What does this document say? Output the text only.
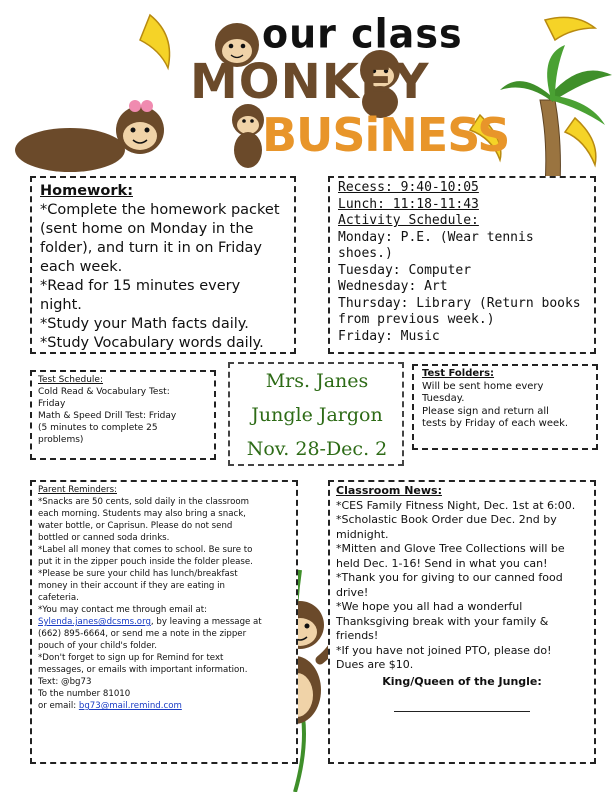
our class
MONKEY
BUSiNESS
Homework:
*Complete the homework packet
(sent home on Monday in the
folder), and turn it in on Friday
each week.
*Read for 15 minutes every
night.
*Study your Math facts daily.
*Study Vocabulary words daily.
Recess: 9:40-10:05
Lunch: 11:18-11:43
Activity Schedule:
Monday: P.E. (Wear tennis shoes.)
Tuesday: Computer
Wednesday: Art
Thursday: Library (Return books
from previous week.)
Friday: Music
Test Schedule:
Cold Read & Vocabulary Test:
Friday
Math & Speed Drill Test: Friday
(5 minutes to complete 25
problems)
Mrs. Janes
Jungle Jargon
Nov. 28-Dec. 2
Test Folders:
Will be sent home every
Tuesday.
Please sign and return all
tests by Friday of each week.
Parent Reminders:
*Snacks are 50 cents, sold daily in the classroom
each morning. Students may also bring a snack,
water bottle, or Caprisun. Please do not send
bottled or canned soda drinks.
*Label all money that comes to school. Be sure to
put it in the zipper pouch inside the folder please.
*Please be sure your child has lunch/breakfast
money in their account if they are eating in
cafeteria.
*You may contact me through email at:
Sylenda.janes@dcsms.org, by leaving a message at
(662) 895-6664, or send me a note in the zipper
pouch of your child's folder.
*Don't forget to sign up for Remind for text
messages, or emails with important information.
Text: @bg73
To the number 81010
or email: bg73@mail.remind.com
Classroom News:
*CES Family Fitness Night, Dec. 1st at 6:00.
*Scholastic Book Order due Dec. 2nd by
midnight.
*Mitten and Glove Tree Collections will be
held Dec. 1-16! Send in what you can!
*Thank you for giving to our canned food
drive!
*We hope you all had a wonderful
Thanksgiving break with your family &
friends!
*If you have not joined PTO, please do!
Dues are $10.
King/Queen of the Jungle:
